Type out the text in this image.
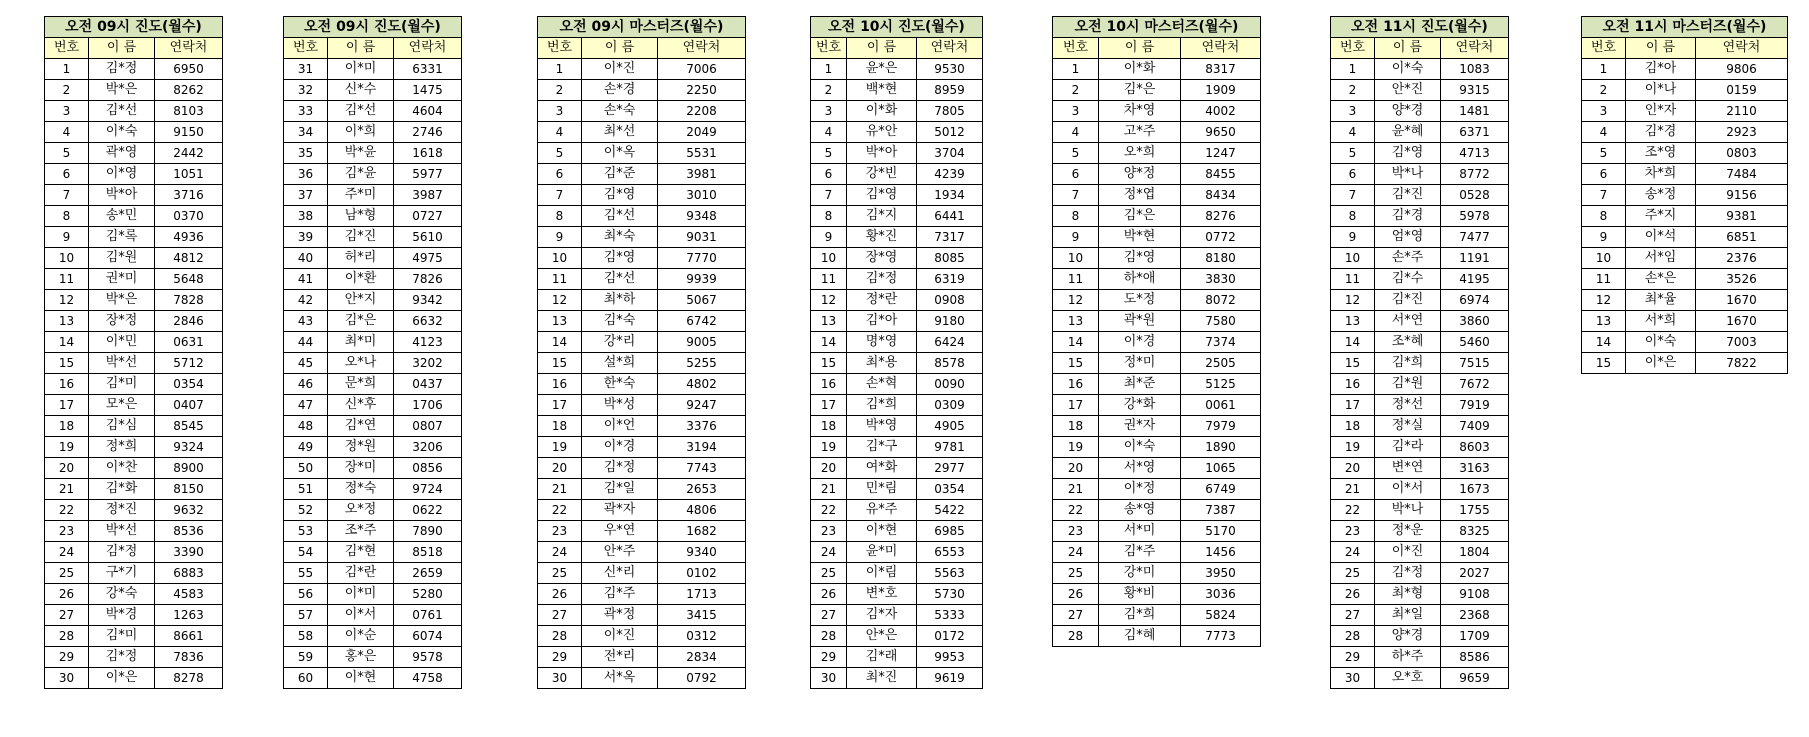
오전 09시 진도(월수)		
번호	이 름	연락처
1	김*정	6950
2	박*은	8262
3	김*선	8103
4	이*숙	9150
5	곽*영	2442
6	이*영	1051
7	박*아	3716
8	송*민	0370
9	김*록	4936
10	김*원	4812
11	권*미	5648
12	박*은	7828
13	장*정	2846
14	이*민	0631
15	박*선	5712
16	김*미	0354
17	모*은	0407
18	김*심	8545
19	정*희	9324
20	이*찬	8900
21	김*화	8150
22	정*진	9632
23	박*선	8536
24	김*정	3390
25	구*기	6883
26	강*숙	4583
27	박*경	1263
28	김*미	8661
29	김*정	7836
30	이*은	8278
오전 09시 진도(월수)		
번호	이 름	연락처
31	이*미	6331
32	신*수	1475
33	김*선	4604
34	이*희	2746
35	박*윤	1618
36	김*윤	5977
37	주*미	3987
38	남*형	0727
39	김*진	5610
40	허*리	4975
41	이*환	7826
42	안*지	9342
43	김*은	6632
44	최*미	4123
45	오*나	3202
46	문*희	0437
47	신*후	1706
48	김*연	0807
49	정*원	3206
50	장*미	0856
51	정*숙	9724
52	오*정	0622
53	조*주	7890
54	김*현	8518
55	김*란	2659
56	이*미	5280
57	이*서	0761
58	이*순	6074
59	홍*은	9578
60	이*현	4758
오전 09시 마스터즈(월수)		
번호	이 름	연락처
1	이*진	7006
2	손*경	2250
3	손*숙	2208
4	최*선	2049
5	이*옥	5531
6	김*준	3981
7	김*영	3010
8	김*선	9348
9	최*숙	9031
10	김*영	7770
11	김*선	9939
12	최*하	5067
13	김*숙	6742
14	강*리	9005
15	설*희	5255
16	한*숙	4802
17	박*성	9247
18	이*언	3376
19	이*경	3194
20	김*정	7743
21	김*일	2653
22	곽*자	4806
23	우*연	1682
24	안*주	9340
25	신*리	0102
26	김*주	1713
27	곽*정	3415
28	이*진	0312
29	전*리	2834
30	서*옥	0792
오전 10시 진도(월수)		
번호	이 름	연락처
1	윤*은	9530
2	백*현	8959
3	이*화	7805
4	유*안	5012
5	박*아	3704
6	강*빈	4239
7	김*영	1934
8	김*지	6441
9	황*진	7317
10	장*영	8085
11	김*정	6319
12	정*란	0908
13	김*아	9180
14	명*영	6424
15	최*용	8578
16	손*혁	0090
17	김*희	0309
18	박*영	4905
19	김*구	9781
20	여*화	2977
21	민*림	0354
22	유*주	5422
23	이*현	6985
24	윤*미	6553
25	이*림	5563
26	변*호	5730
27	김*자	5333
28	안*은	0172
29	김*래	9953
30	최*진	9619
오전 10시 마스터즈(월수)		
번호	이 름	연락처
1	이*화	8317
2	김*은	1909
3	차*영	4002
4	고*주	9650
5	오*희	1247
6	양*정	8455
7	정*엽	8434
8	김*은	8276
9	박*현	0772
10	김*영	8180
11	하*애	3830
12	도*정	8072
13	곽*원	7580
14	이*경	7374
15	정*미	2505
16	최*준	5125
17	강*화	0061
18	권*자	7979
19	이*숙	1890
20	서*영	1065
21	이*정	6749
22	송*영	7387
23	서*미	5170
24	김*주	1456
25	강*미	3950
26	황*비	3036
27	김*희	5824
28	김*혜	7773
오전 11시 진도(월수)		
번호	이 름	연락처
1	이*숙	1083
2	안*진	9315
3	양*경	1481
4	윤*혜	6371
5	김*영	4713
6	박*나	8772
7	김*진	0528
8	김*경	5978
9	엄*영	7477
10	손*주	1191
11	김*수	4195
12	김*진	6974
13	서*연	3860
14	조*혜	5460
15	김*희	7515
16	김*원	7672
17	정*선	7919
18	정*실	7409
19	김*라	8603
20	변*연	3163
21	이*서	1673
22	박*나	1755
23	정*운	8325
24	이*진	1804
25	김*정	2027
26	최*형	9108
27	최*일	2368
28	양*경	1709
29	하*주	8586
30	오*호	9659
오전 11시 마스터즈(월수)		
번호	이 름	연락처
1	김*아	9806
2	이*나	0159
3	인*자	2110
4	김*경	2923
5	조*영	0803
6	차*희	7484
7	송*정	9156
8	주*지	9381
9	이*석	6851
10	서*임	2376
11	손*은	3526
12	최*율	1670
13	서*희	1670
14	이*숙	7003
15	이*은	7822
